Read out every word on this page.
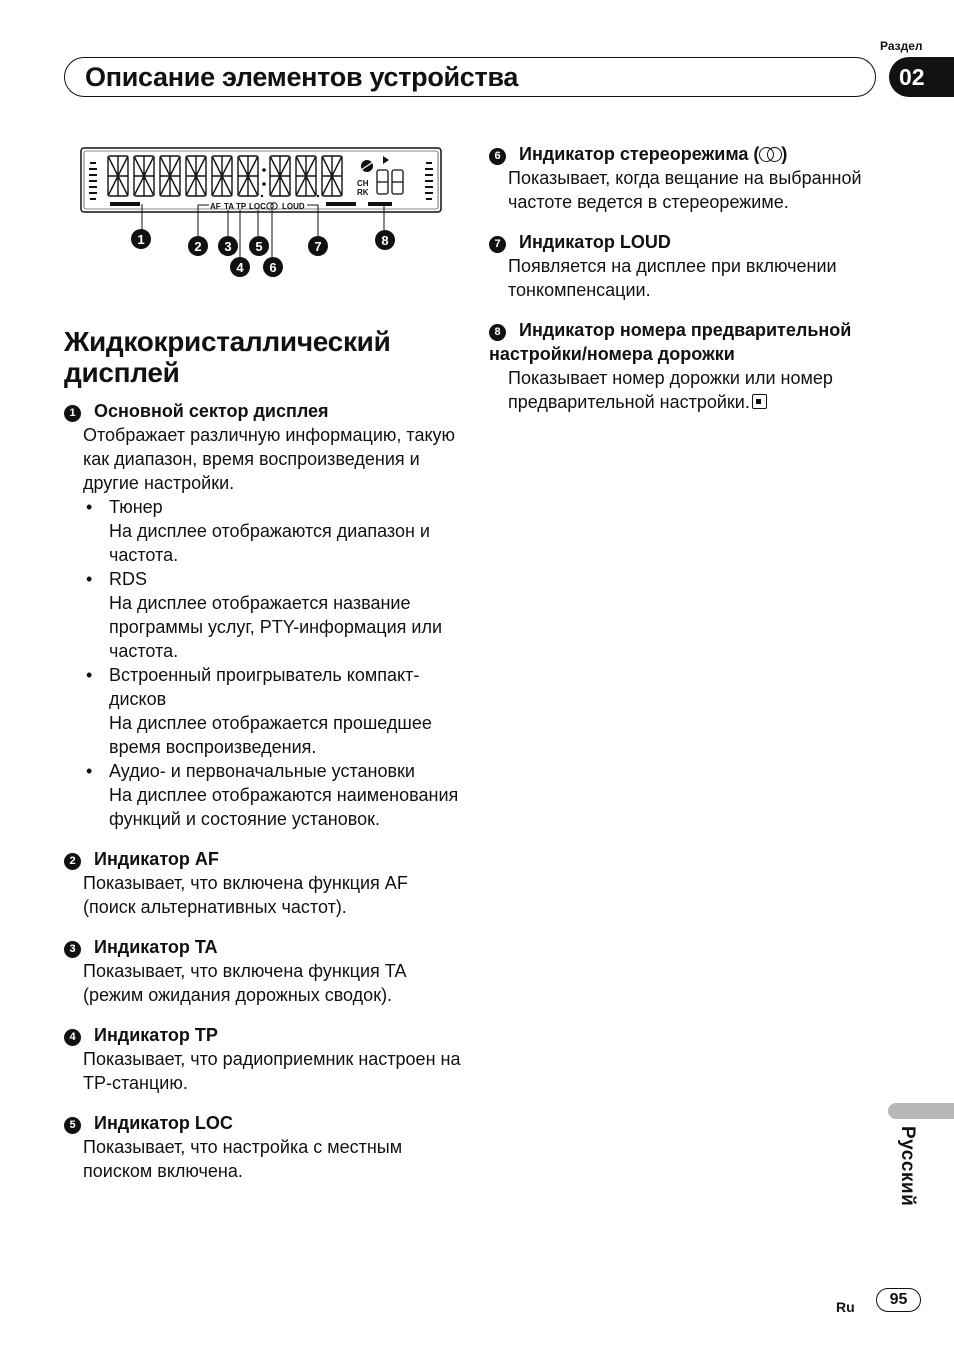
Раздел
Описание элементов устройства	02
CH
RK
AF TA TP LOC LOUD
1	2 3
4
5
6
7	8
Жидкокристаллический дисплей
1 Основной сектор дисплея
Отображает различную информацию, такую как диапазон, время воспроизведения и другие настройки.
• Тюнер
На дисплее отображаются диапазон и частота.
• RDS
На дисплее отображается название программы услуг, PTY-информация или частота.
• Встроенный проигрыватель компакт-дисков
На дисплее отображается прошедшее время воспроизведения.
• Аудио- и первоначальные установки
На дисплее отображаются наименования функций и состояние установок.
2 Индикатор AF
Показывает, что включена функция AF (поиск альтернативных частот).
3 Индикатор TA
Показывает, что включена функция TA (режим ожидания дорожных сводок).
4 Индикатор TP
Показывает, что радиоприемник настроен на TP-станцию.
5 Индикатор LOC
Показывает, что настройка с местным поиском включена.
6 Индикатор стереорежима ( )
Показывает, когда вещание на выбранной частоте ведется в стереорежиме.
7 Индикатор LOUD
Появляется на дисплее при включении тонкомпенсации.
8 Индикатор номера предварительной настройки/номера дорожки
Показывает номер дорожки или номер предварительной настройки.
Русский
Ru	95
